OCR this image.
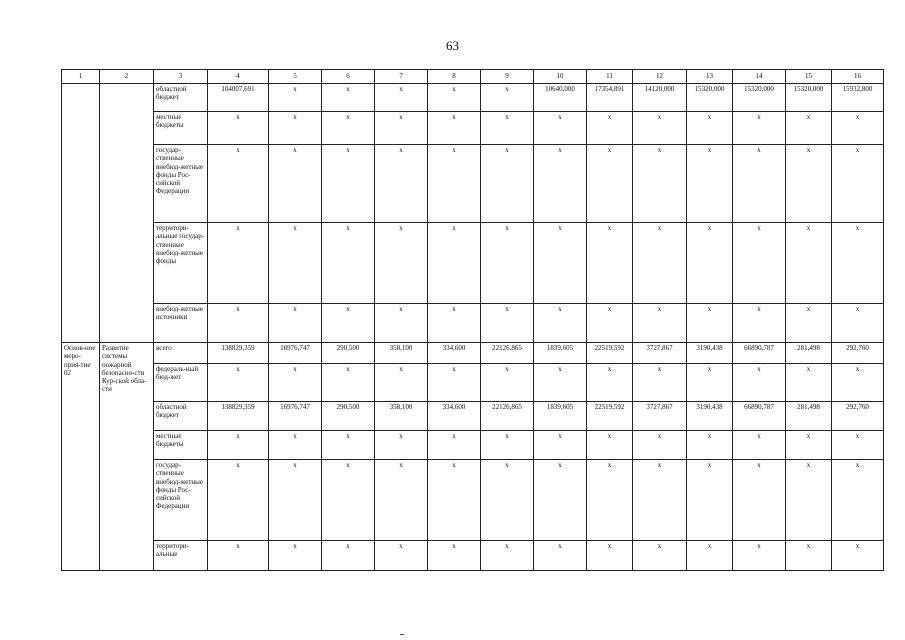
63
1	2	3	4	5	6	7	8	9	10	11	12	13	14	15	16
		областной бюджет	104007,691	x	x	x	x	x	10640,000	17354,891	14120,000	15320,000	15320,000	15320,000	15932,800
		местные бюджеты	x	x	x	x	x	x	x	x	x	x	x	x	x
		государ-ственные внебюд-жетные фонды Рос-сийской Федерации	x	x	x	x	x	x	x	x	x	x	x	x	x
		территори-альные государ-ственные внебюд-жетные фонды	x	x	x	x	x	x	x	x	x	x	x	x	x
		внебюд-жетные источники	x	x	x	x	x	x	x	x	x	x	x	x	x
Основ-ное меро-прия-тие 02	Развитие системы пожарной безопасно-сти Кур-ской обла-сти	всего	138829,359	16976,747	290,500	358,100	334,600	22126,865	1839,605	22519,592	3727,867	3190,438	66890,787	281,498	292,760
		федераль-ный бюд-жет	x	x	x	x	x	x	x	x	x	x	x	x	x
		областной бюджет	138829,359	16976,747	290,500	358,100	334,600	22126,865	1839,605	22519,592	3727,867	3190,438	66890,787	281,498	292,760
		местные бюджеты	x	x	x	x	x	x	x	x	x	x	x	x	x
		государ-ственные внебюд-жетные фонды Рос-сийской Федерации	x	x	x	x	x	x	x	x	x	x	x	x	x
		территори-альные	x	x	x	x	x	x	x	x	x	x	x	x	x
